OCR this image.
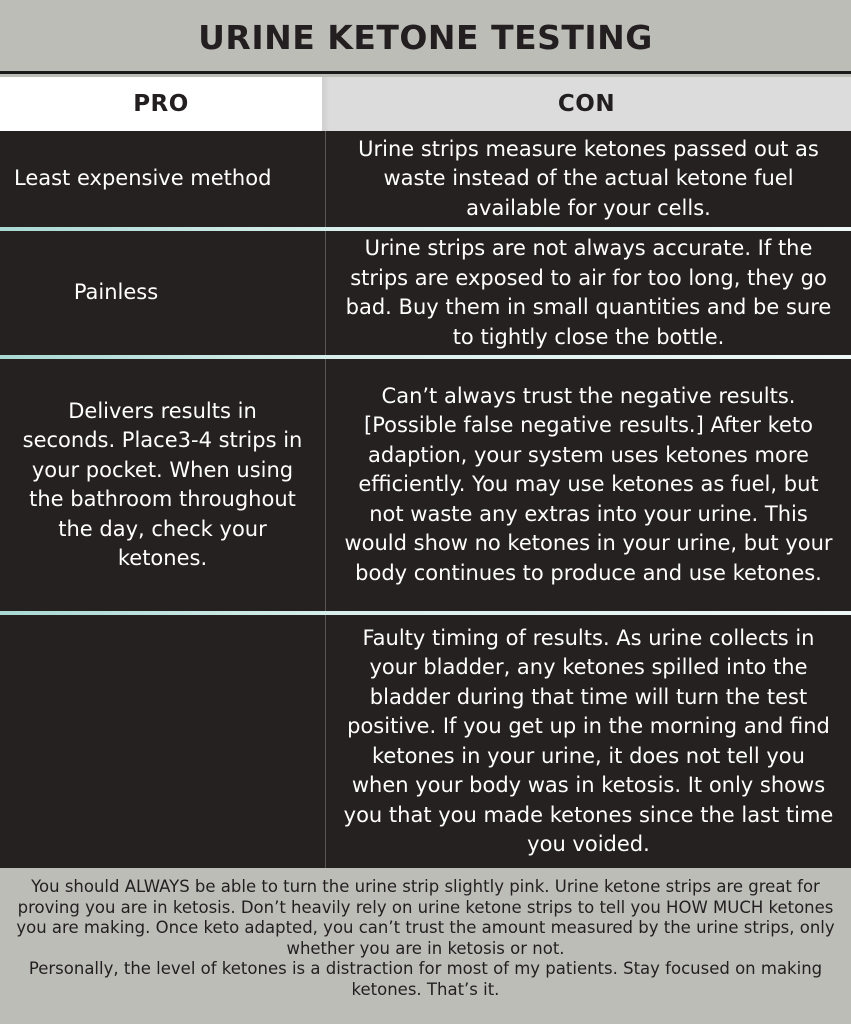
URINE KETONE TESTING
PRO	CON
Least expensive method
Urine strips measure ketones passed out as waste instead of the actual ketone fuel available for your cells.
Painless
Urine strips are not always accurate. If the strips are exposed to air for too long, they go bad. Buy them in small quantities and be sure to tightly close the bottle.
Delivers results in seconds. Place3-4 strips in your pocket. When using the bathroom throughout the day, check your ketones.
Can’t always trust the negative results. [Possible false negative results.] After keto adaption, your system uses ketones more efficiently. You may use ketones as fuel, but not waste any extras into your urine. This would show no ketones in your urine, but your body continues to produce and use ketones.
Faulty timing of results. As urine collects in your bladder, any ketones spilled into the bladder during that time will turn the test positive. If you get up in the morning and find ketones in your urine, it does not tell you when your body was in ketosis. It only shows you that you made ketones since the last time you voided.

You should ALWAYS be able to turn the urine strip slightly pink. Urine ketone strips are great for proving you are in ketosis. Don’t heavily rely on urine ketone strips to tell you HOW MUCH ketones you are making. Once keto adapted, you can’t trust the amount measured by the urine strips, only whether you are in ketosis or not.

Personally, the level of ketones is a distraction for most of my patients. Stay focused on making ketones. That’s it.
